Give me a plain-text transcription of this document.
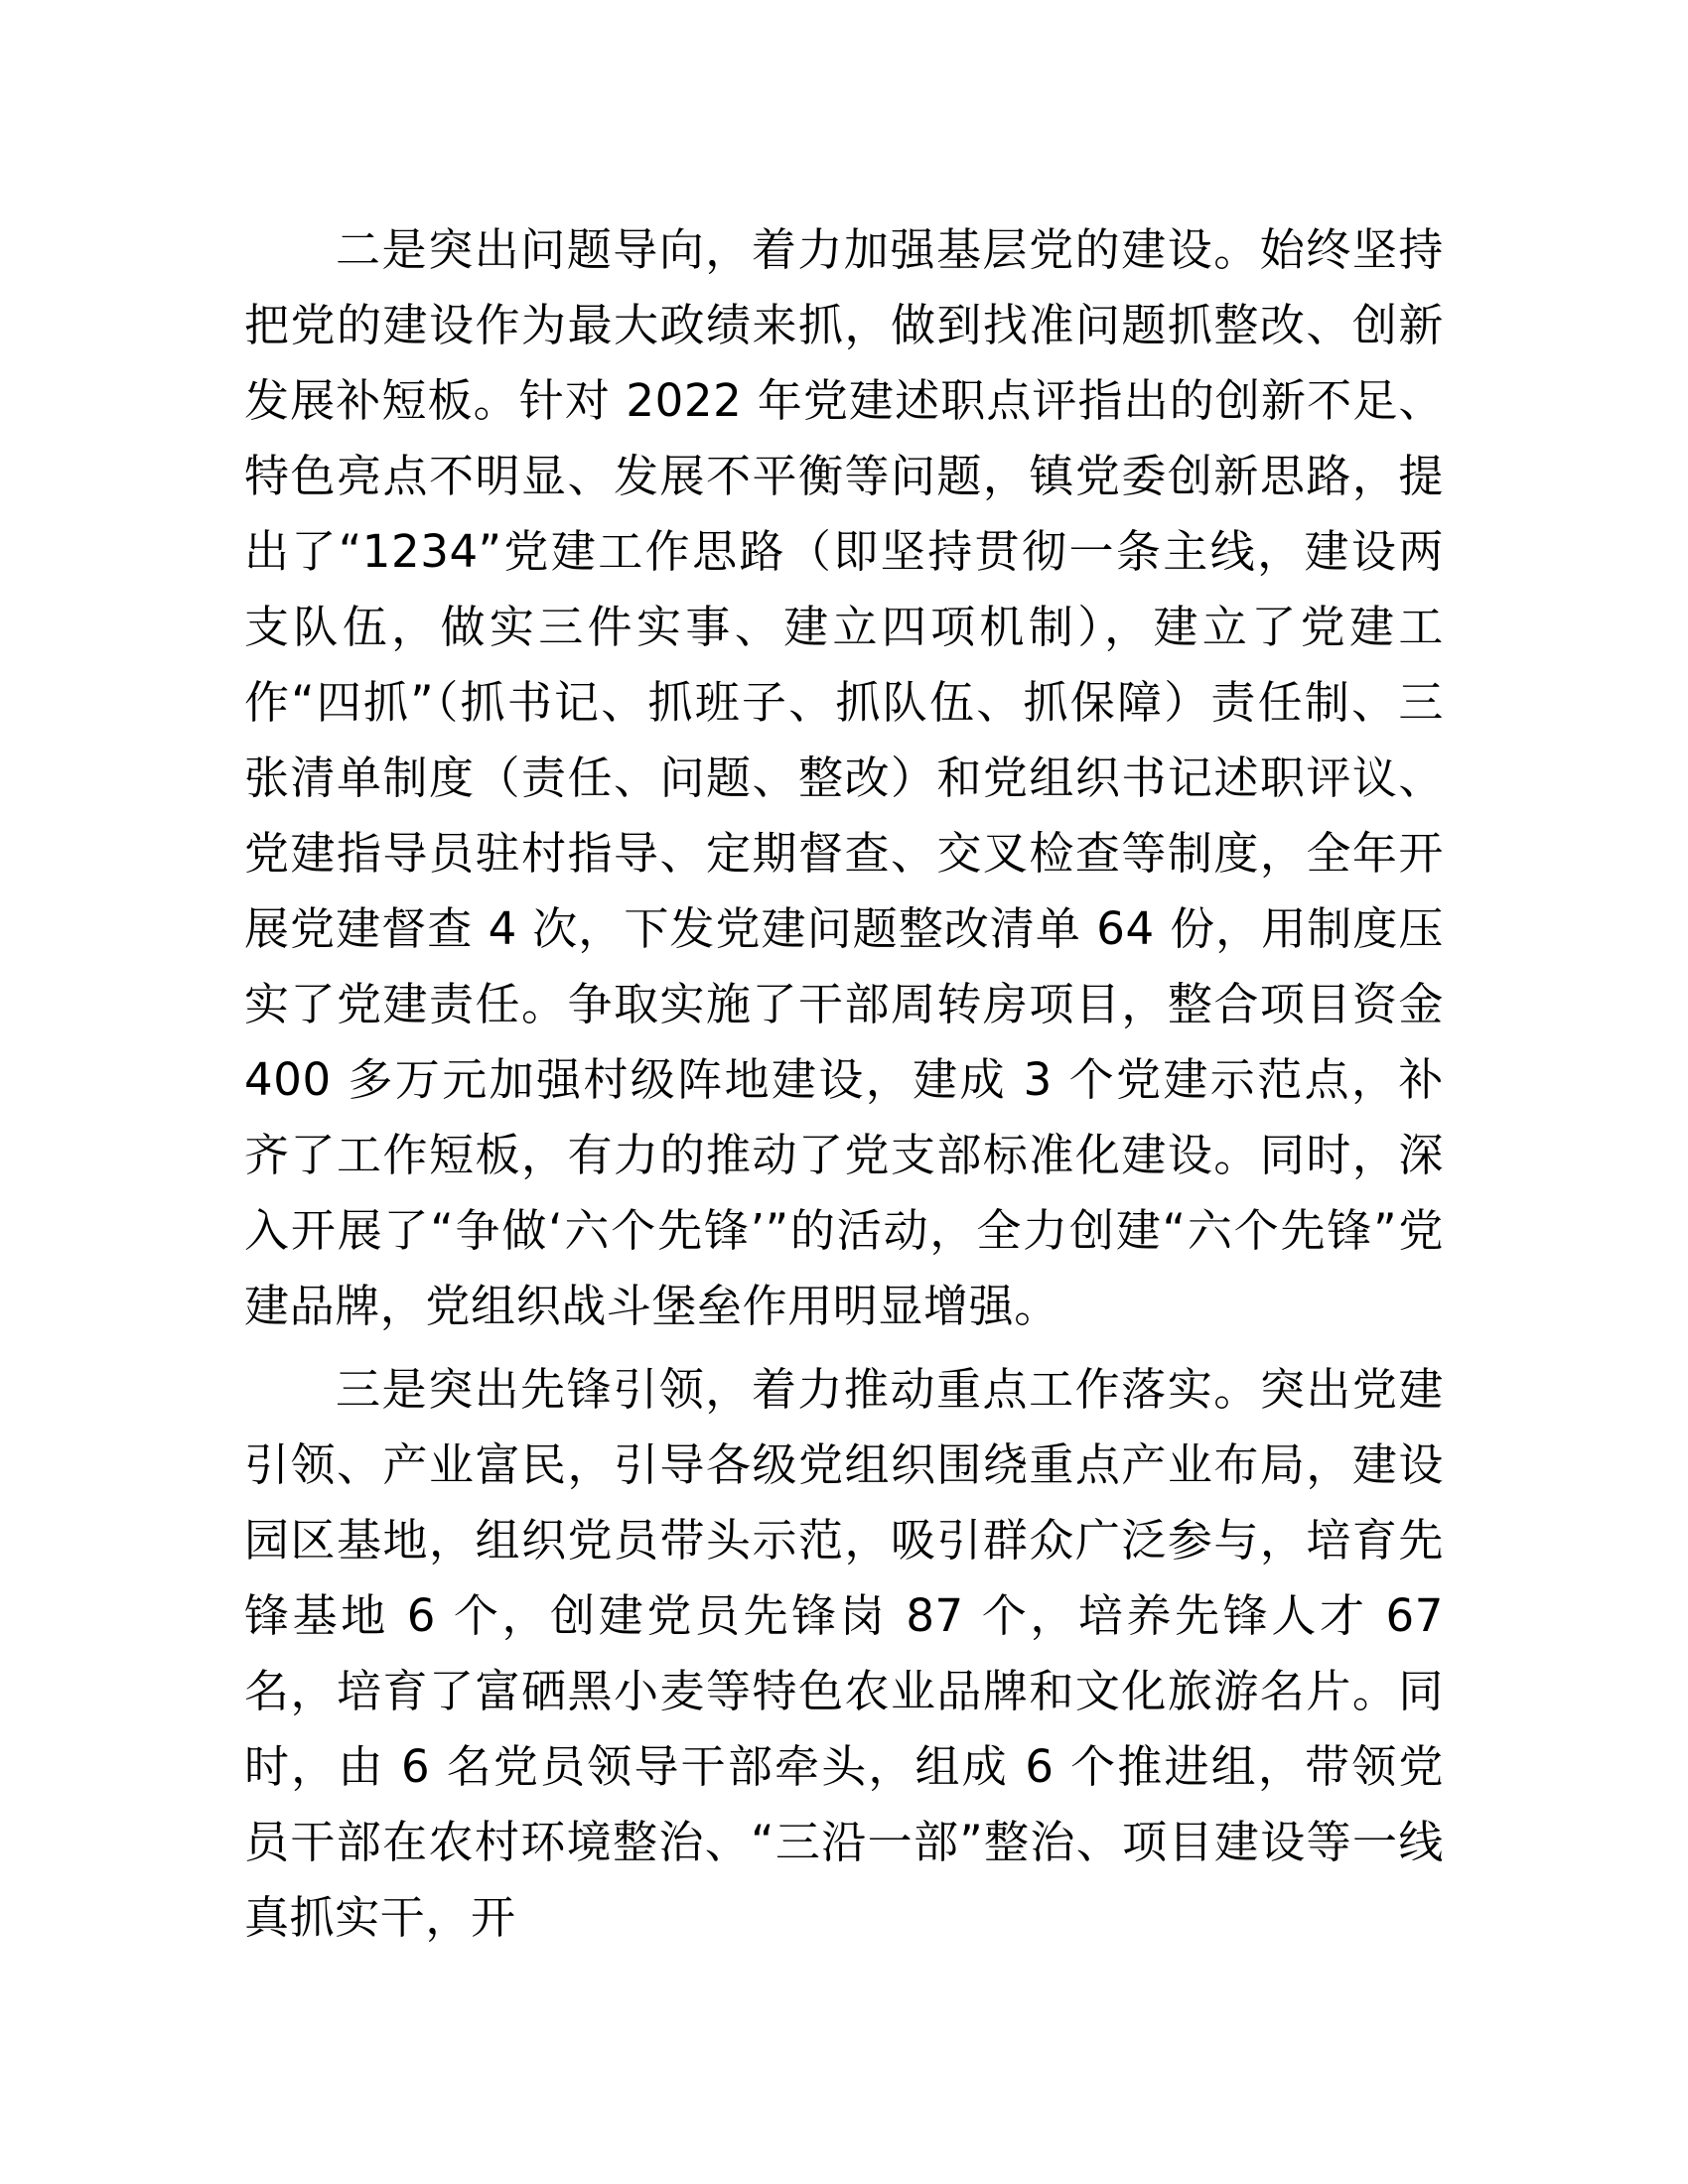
二是突出问题导向，着力加强基层党的建设。始终坚持把党的建设作为最大政绩来抓，做到找准问题抓整改、创新发展补短板。针对 2022 年党建述职点评指出的创新不足、特色亮点不明显、发展不平衡等问题，镇党委创新思路，提出了“1234”党建工作思路（即坚持贯彻一条主线，建设两支队伍，做实三件实事、建立四项机制），建立了党建工作“四抓”（抓书记、抓班子、抓队伍、抓保障）责任制、三张清单制度（责任、问题、整改）和党组织书记述职评议、党建指导员驻村指导、定期督查、交叉检查等制度，全年开展党建督查 4 次，下发党建问题整改清单 64 份，用制度压实了党建责任。争取实施了干部周转房项目，整合项目资金 400 多万元加强村级阵地建设，建成 3 个党建示范点，补齐了工作短板，有力的推动了党支部标准化建设。同时，深入开展了“争做‘六个先锋’”的活动，全力创建“六个先锋”党建品牌，党组织战斗堡垒作用明显增强。

三是突出先锋引领，着力推动重点工作落实。突出党建引领、产业富民，引导各级党组织围绕重点产业布局，建设园区基地，组织党员带头示范，吸引群众广泛参与，培育先锋基地 6 个，创建党员先锋岗 87 个，培养先锋人才 67 名，培育了富硒黑小麦等特色农业品牌和文化旅游名片。同时，由 6 名党员领导干部牵头，组成 6 个推进组，带领党员干部在农村环境整治、“三沿一部”整治、项目建设等一线真抓实干，开
